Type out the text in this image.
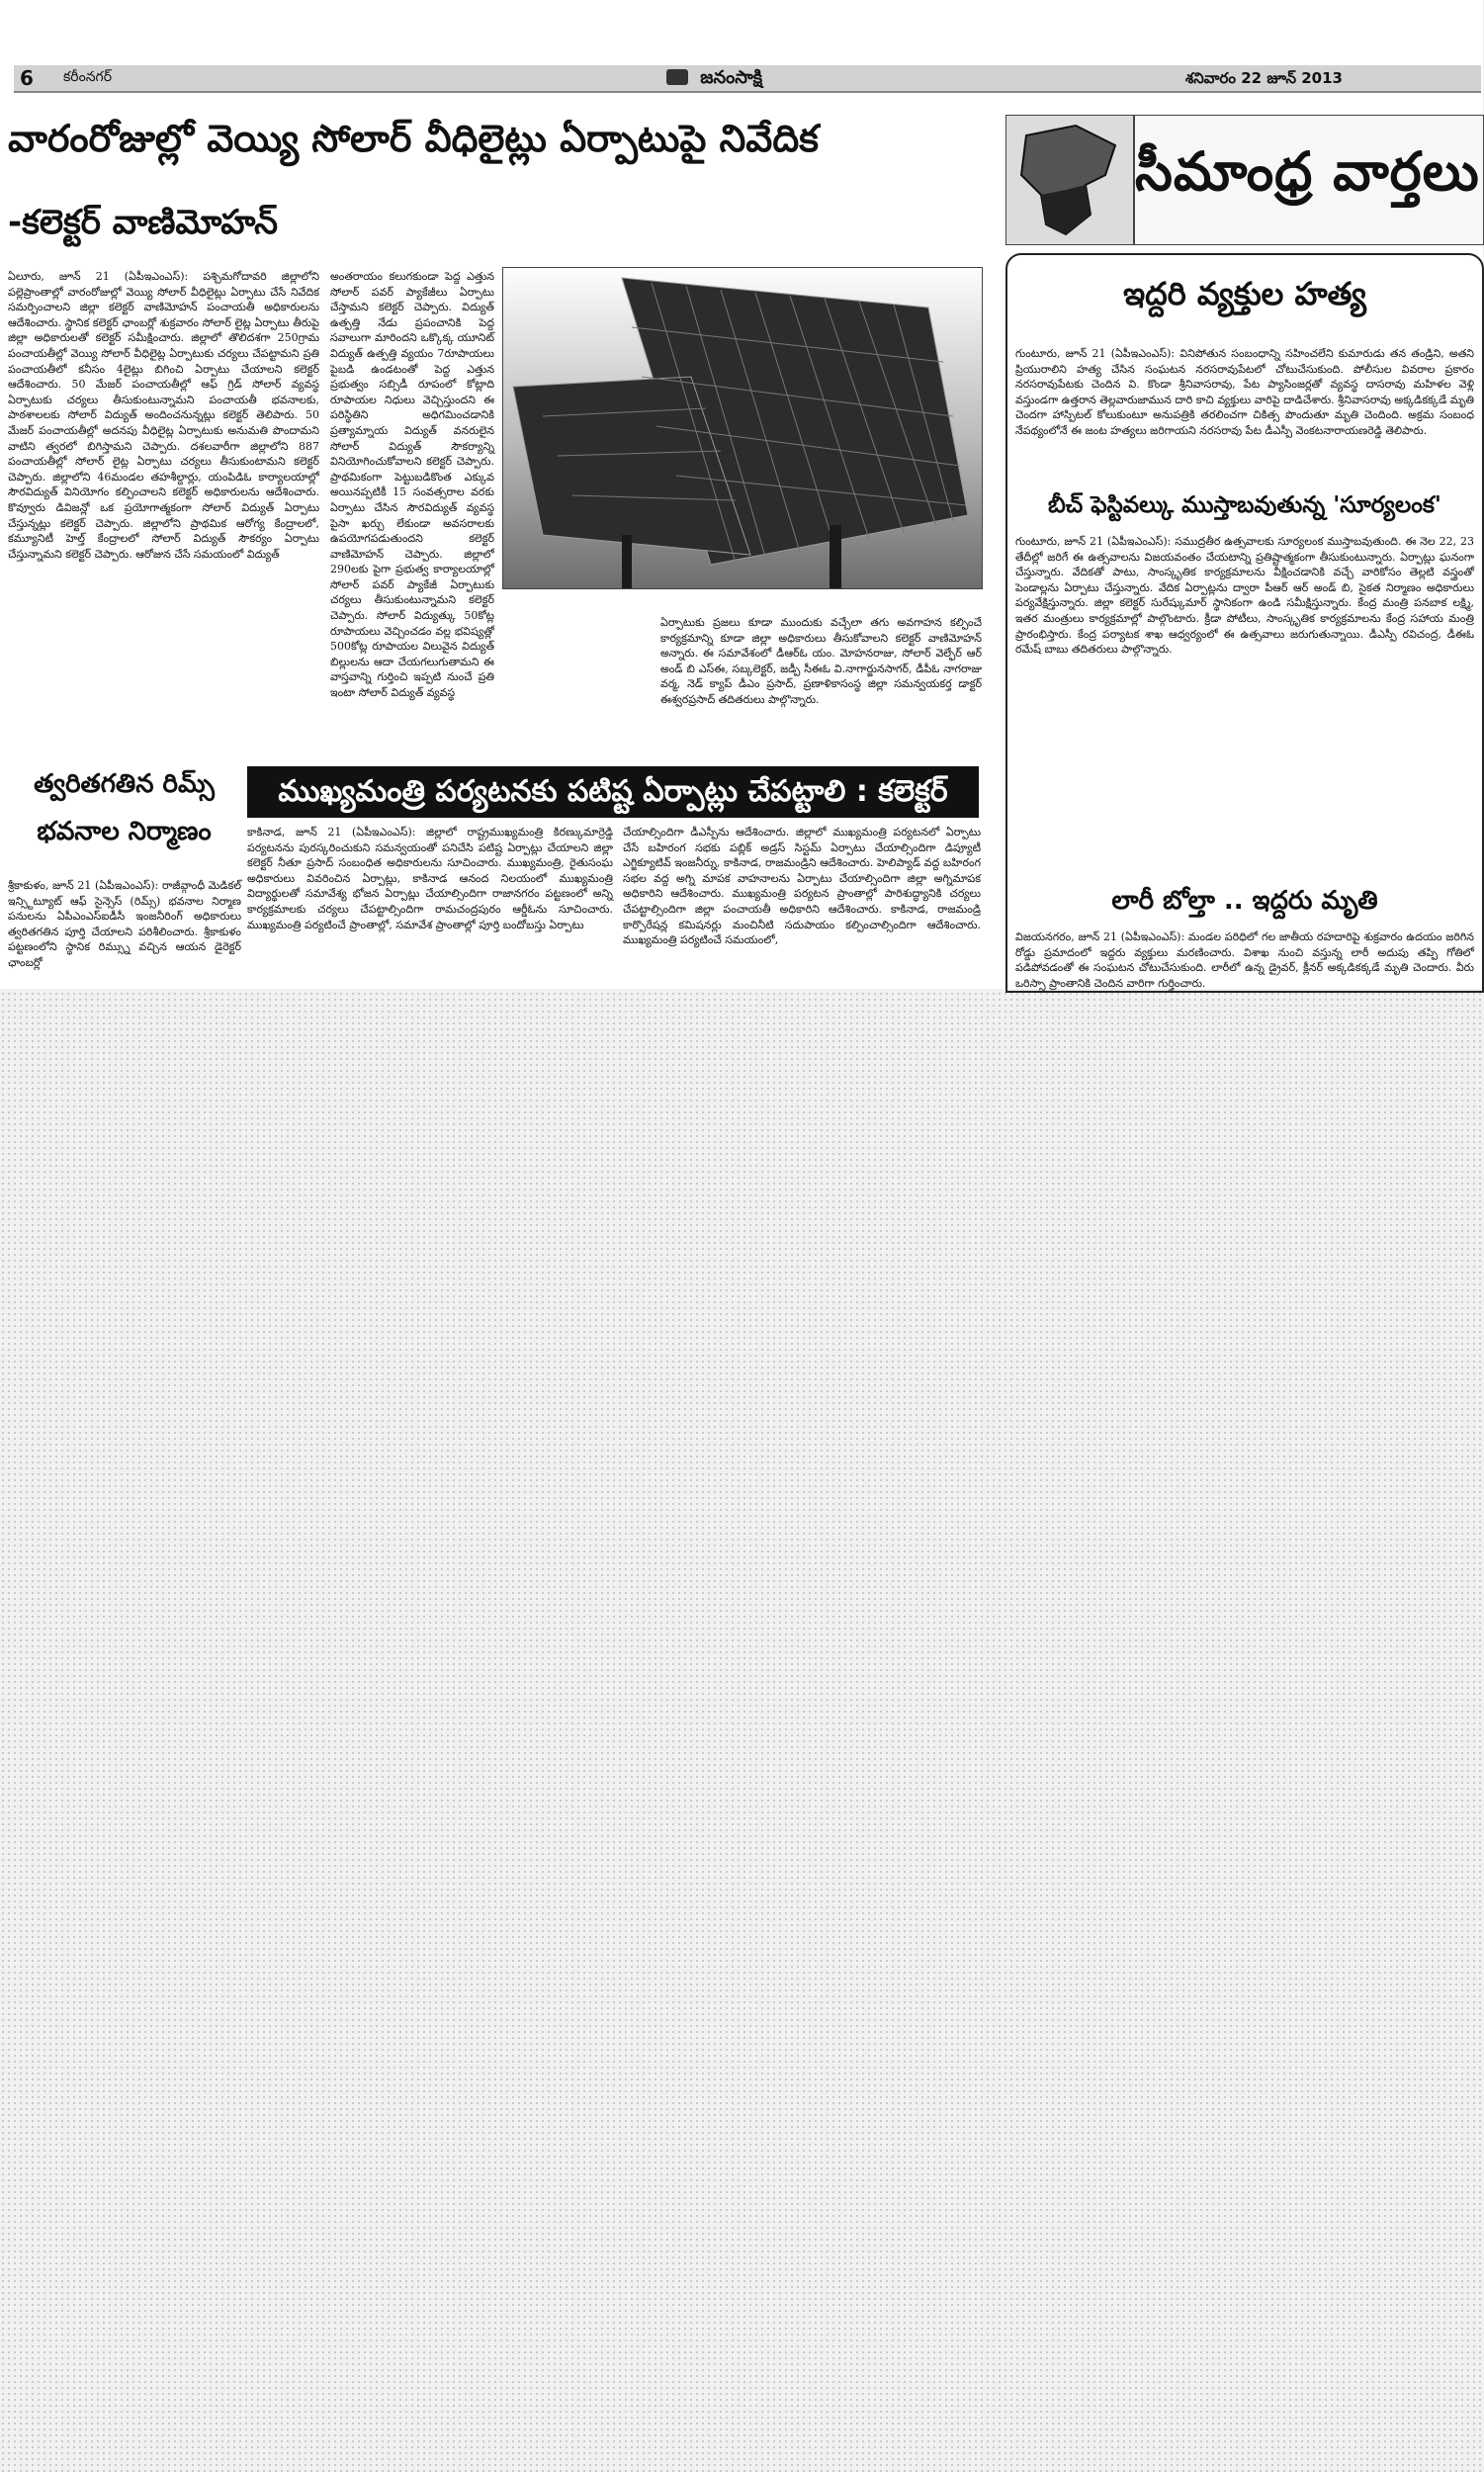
6 కరీంనగర్	జనంసాక్షి	శనివారం 22 జూన్ 2013
వారంరోజుల్లో వెయ్యి సోలార్ వీధిలైట్లు ఏర్పాటుపై నివేదిక
-కలెక్టర్ వాణిమోహన్

ఏలూరు, జూన్ 21 (ఏపీఇఎంఎస్): పశ్చిమగోదావరి జిల్లాలోని పల్లెప్రాంతాల్లో వారంరోజుల్లో వెయ్యి సోలార్ వీధిలైట్లు ఏర్పాటు చేసే నివేదిక సమర్పించాలని జిల్లా కలెక్టర్ వాణిమోహన్ పంచాయతీ అధికారులను ఆదేశించారు. స్థానిక కలెక్టర్ ఛాంబర్లో శుక్రవారం సోలార్ లైట్ల ఏర్పాటు తీరుపై జిల్లా అధికారులతో కలెక్టర్ సమీక్షించారు. జిల్లాలో తొలిదశగా 250గ్రామ పంచాయతీల్లో వెయ్యి సోలార్ వీధిలైట్ల ఏర్పాటుకు చర్యలు చేపట్టామని ప్రతి పంచాయతీలో కనీసం 4లైట్లు బిగించి ఏర్పాటు చేయాలని కలెక్టర్ ఆదేశించారు. 50 మేజర్ పంచాయతీల్లో ఆఫ్ గ్రిడ్ సోలార్ వ్యవస్థ ఏర్పాటుకు చర్యలు తీసుకుంటున్నామని పంచాయతీ భవనాలకు, పాఠశాలలకు సోలార్ విద్యుత్ అందించనున్నట్లు కలెక్టర్ తెలిపారు. 50 మేజర్ పంచాయతీల్లో అదనపు వీధిలైట్ల ఏర్పాటుకు అనుమతి పొందామని వాటిని త్వరలో బిగిస్తామని చెప్పారు. దశలవారీగా జిల్లాలోని 887 పంచాయతీల్లో సోలార్ లైట్ల ఏర్పాటు చర్యలు తీసుకుంటామని కలెక్టర్ చెప్పారు. జిల్లాలోని 46మండల తహశీల్దార్లు, యంపిడిఓ కార్యాలయాల్లో సౌరవిద్యుత్ వినియోగం కల్పించాలని కలెక్టర్ అధికారులను ఆదేశించారు. కొవ్వూరు డివిజన్లో ఒక ప్రయోగాత్మకంగా సోలార్ విద్యుత్ ఏర్పాటు చేస్తున్నట్లు కలెక్టర్ చెప్పారు. జిల్లాలోని ప్రాథమిక ఆరోగ్య కేంద్రాలలో, కమ్యూనిటీ హెల్త్ కేంద్రాలలో సోలార్ విద్యుత్ సౌకర్యం ఏర్పాటు చేస్తున్నామని కలెక్టర్ చెప్పారు. ఆరోజున చేసే సమయంలో విద్యుత్

అంతరాయం కలుగకుండా పెద్ద ఎత్తున సోలార్ పవర్ ప్యాకేజీలు ఏర్పాటు చేస్తామని కలెక్టర్ చెప్పారు. విద్యుత్ ఉత్పత్తి నేడు ప్రపంచానికి పెద్ద సవాలుగా మారిందని ఒక్కొక్క యూనిట్ విద్యుత్ ఉత్పత్తి వ్యయం 7రూపాయలు పైబడి ఉండటంతో పెద్ద ఎత్తున ప్రభుత్వం సబ్సిడీ రూపంలో కోట్లాది రూపాయల నిధులు వెచ్చిస్తుందని ఈ పరిస్థితిని అధిగమించడానికి ప్రత్యామ్నాయ విద్యుత్ వనరులైన సోలార్ విద్యుత్ సౌకర్యాన్ని వినియోగించుకోవాలని కలెక్టర్ చెప్పారు. ప్రాథమికంగా పెట్టుబడికొంత ఎక్కువ అయినప్పటికీ 15 సంవత్సరాల వరకు ఏర్పాటు చేసిన సౌరవిద్యుత్ వ్యవస్థ పైసా ఖర్చు లేకుండా అవసరాలకు ఉపయోగపడుతుందని కలెక్టర్ వాణిమోహన్ చెప్పారు. జిల్లాలో 290లకు పైగా ప్రభుత్వ కార్యాలయాల్లో సోలార్ పవర్ ప్యాకేజీ ఏర్పాటుకు చర్యలు తీసుకుంటున్నామని కలెక్టర్ చెప్పారు. సోలార్ విద్యుత్కు 50కోట్ల రూపాయలు వెచ్చించడం వల్ల భవిష్యత్లో 500కోట్ల రూపాయల విలువైన విద్యుత్ బిల్లులను ఆదా చేయగలుగుతామని ఈ వాస్తవాన్ని గుర్తించి ఇప్పటి నుంచే ప్రతి ఇంటా సోలార్ విద్యుత్ వ్యవస్థ

ఏర్పాటుకు ప్రజలు కూడా ముందుకు వచ్చేలా తగు అవగాహన కల్పించే కార్యక్రమాన్ని కూడా జిల్లా అధికారులు తీసుకోవాలని కలెక్టర్ వాణిమోహన్ అన్నారు. ఈ సమావేశంలో డీఆర్ఓ యం. మోహనరాజు, సోలార్ వెల్ఫేర్ ఆర్ అండ్ బి ఎస్ఈ, సబ్కలెక్టర్, జడ్పీ సీఈఓ వి.నాగార్జునసాగర్, డీపీఓ నాగరాజు వర్మ, నెడ్ క్యాప్ డీఎం ప్రసాద్, ప్రణాళికాసంస్థ జిల్లా సమన్వయకర్త డాక్టర్ ఈశ్వరప్రసాద్ తదితరులు పాల్గొన్నారు.

త్వరితగతిన రిమ్స్
భవనాల నిర్మాణం

శ్రీకాకుళం, జూన్ 21 (ఏపీఇఎంఎస్): రాజీవ్గాంధీ మెడికల్ ఇన్స్టిట్యూట్ ఆఫ్ సైన్సెస్ (రిమ్స్) భవనాల నిర్మాణ పనులను ఏపీఎంఎస్ఐడీసీ ఇంజనీరింగ్ అధికారులు త్వరితగతిన పూర్తి చేయాలని పరిశీలించారు. శ్రీకాకుళం పట్టణంలోని స్థానిక రిమ్స్ను వచ్చిన ఆయన డైరెక్టర్ ఛాంబర్లో

ముఖ్యమంత్రి పర్యటనకు పటిష్ట ఏర్పాట్లు చేపట్టాలి : కలెక్టర్

కాకినాడ, జూన్ 21 (ఏపీఇఎంఎస్): జిల్లాలో రాష్ట్రముఖ్యమంత్రి కిరణ్కుమార్రెడ్డి పర్యటనను పురస్కరించుకుని సమన్వయంతో పనిచేసి పటిష్ట ఏర్పాట్లు చేయాలని జిల్లా కలెక్టర్ నీతూ ప్రసాద్ సంబంధిత అధికారులను సూచించారు. ముఖ్యమంత్రి, రైతుసంఘ అధికారులు వివరించిన ఏర్పాట్లు, కాకినాడ ఆనంద నిలయంలో ముఖ్యమంత్రి విద్యార్థులతో సమావేశ్య భోజన ఏర్పాట్లు చేయాల్సిందిగా రాజానగరం పట్టణంలో అన్ని కార్యక్రమాలకు చర్యలు చేపట్టాల్సిందిగా రామచంద్రపురం ఆర్డీఓను సూచించారు. ముఖ్యమంత్రి పర్యటించే ప్రాంతాల్లో, సమావేశ ప్రాంతాల్లో పూర్తి బందోబస్తు ఏర్పాటు

చేయాల్సిందిగా డీఎస్పీను ఆదేశించారు. జిల్లాలో ముఖ్యమంత్రి పర్యటనలో ఏర్పాటు చేసే బహిరంగ సభకు పబ్లిక్ అడ్రస్ సిస్టమ్ ఏర్పాటు చేయాల్సిందిగా డిప్యూటీ ఎగ్జిక్యూటివ్ ఇంజనీర్ను, కాకినాడ, రాజమండ్రిని ఆదేశించారు. హెలిప్యాడ్ వద్ద బహిరంగ సభల వద్ద అగ్ని మాపక వాహనాలను ఏర్పాటు చేయాల్సిందిగా జిల్లా అగ్నిమాపక అధికారిని ఆదేశించారు. ముఖ్యమంత్రి పర్యటన ప్రాంతాల్లో పారిశుద్ధ్యానికి చర్యలు చేపట్టాల్సిందిగా జిల్లా పంచాయతీ అధికారిని ఆదేశించారు. కాకినాడ, రాజమండ్రి కార్పొరేషన్ల కమిషనర్లు మంచినీటి సదుపాయం కల్పించాల్సిందిగా ఆదేశించారు. ముఖ్యమంత్రి పర్యటించే సమయంలో,

సీమాంధ్ర వార్తలు
ఇద్దరి వ్యక్తుల హత్య

గుంటూరు, జూన్ 21 (ఏపీఇఎంఎస్): వినిపోతున సంబంధాన్ని సహించలేని కుమారుడు తన తండ్రిని, అతని ప్రియురాలిని హత్య చేసిన సంఘటన నరసరావుపేటలో చోటుచేసుకుంది. పోలీసుల వివరాల ప్రకారం నరసరావుపేటకు చెందిన వి. కొండా శ్రీనివాసరావు, పేట ప్యాసింజర్లతో వ్యవస్థ దాసరావు మహిళల వెళ్లి వస్తుండగా ఉత్తరాన తెల్లవారుజామున దారి కాచి వ్యక్తులు వారిపై దాడిచేశారు. శ్రీనివాసరావు అక్కడికక్కడే మృతి చెందగా హాస్పిటల్ కోలుకుంటూ అనుపత్రికి తరలించగా చికిత్స పొందుతూ మృతి చెందింది. అక్రమ సంబంధ నేపథ్యంలోనే ఈ జంట హత్యలు జరిగాయని నరసరావు పేట డీఎస్పీ వెంకటనారాయణరెడ్డి తెలిపారు.

బీచ్ ఫెస్టివల్కు ముస్తాబవుతున్న 'సూర్యలంక'

గుంటూరు, జూన్ 21 (ఏపీఇఎంఎస్): సముద్రతీర ఉత్సవాలకు సూర్యలంక ముస్తాబవుతుంది. ఈ నెల 22, 23 తేదీల్లో జరిగే ఈ ఉత్సవాలను విజయవంతం చేయటాన్ని ప్రతిష్టాత్మకంగా తీసుకుంటున్నారు. ఏర్పాట్లు ఘనంగా చేస్తున్నారు. వేదికతో పాటు, సాంస్కృతిక కార్యక్రమాలను వీక్షించడానికి వచ్చే వారికోసం తెల్లటి వస్త్రంతో పెండాల్లను ఏర్పాటు చేస్తున్నారు. వేదిక ఏర్పాట్లను ద్వారా పీఆర్ ఆర్ అండ్ బి, సైకత నిర్మాణం అధికారులు పర్యవేక్షిస్తున్నారు. జిల్లా కలెక్టర్ సురేష్కుమార్ స్థానికంగా ఉండి సమీక్షిస్తున్నారు. కేంద్ర మంత్రి పనబాక లక్ష్మి, ఇతర మంత్రులు కార్యక్రమాల్లో పాల్గొంటారు. క్రీడా పోటీలు, సాంస్కృతిక కార్యక్రమాలను కేంద్ర సహాయ మంత్రి ప్రారంభిస్తారు. కేంద్ర పర్యాటక శాఖ ఆధ్వర్యంలో ఈ ఉత్సవాలు జరుగుతున్నాయి. డీఎస్పీ రవిచంద్ర, డీఈఓ రమేష్ బాబు తదితరులు పాల్గొన్నారు.

లారీ బోల్తా .. ఇద్దరు మృతి

విజయనగరం, జూన్ 21 (ఏపీఇఎంఎస్): మండల పరిధిలో గల జాతీయ రహదారిపై శుక్రవారం ఉదయం జరిగిన రోడ్డు ప్రమాదంలో ఇద్దరు వ్యక్తులు మరణించారు. విశాఖ నుంచి వస్తున్న లారీ అదుపు తప్పి గోతిలో పడిపోవడంతో ఈ సంఘటన చోటుచేసుకుంది. లారీలో ఉన్న డ్రైవర్, క్లీనర్ అక్కడికక్కడే మృతి చెందారు. వీరు ఒరిస్సా ప్రాంతానికి చెందిన వారిగా గుర్తించారు.
